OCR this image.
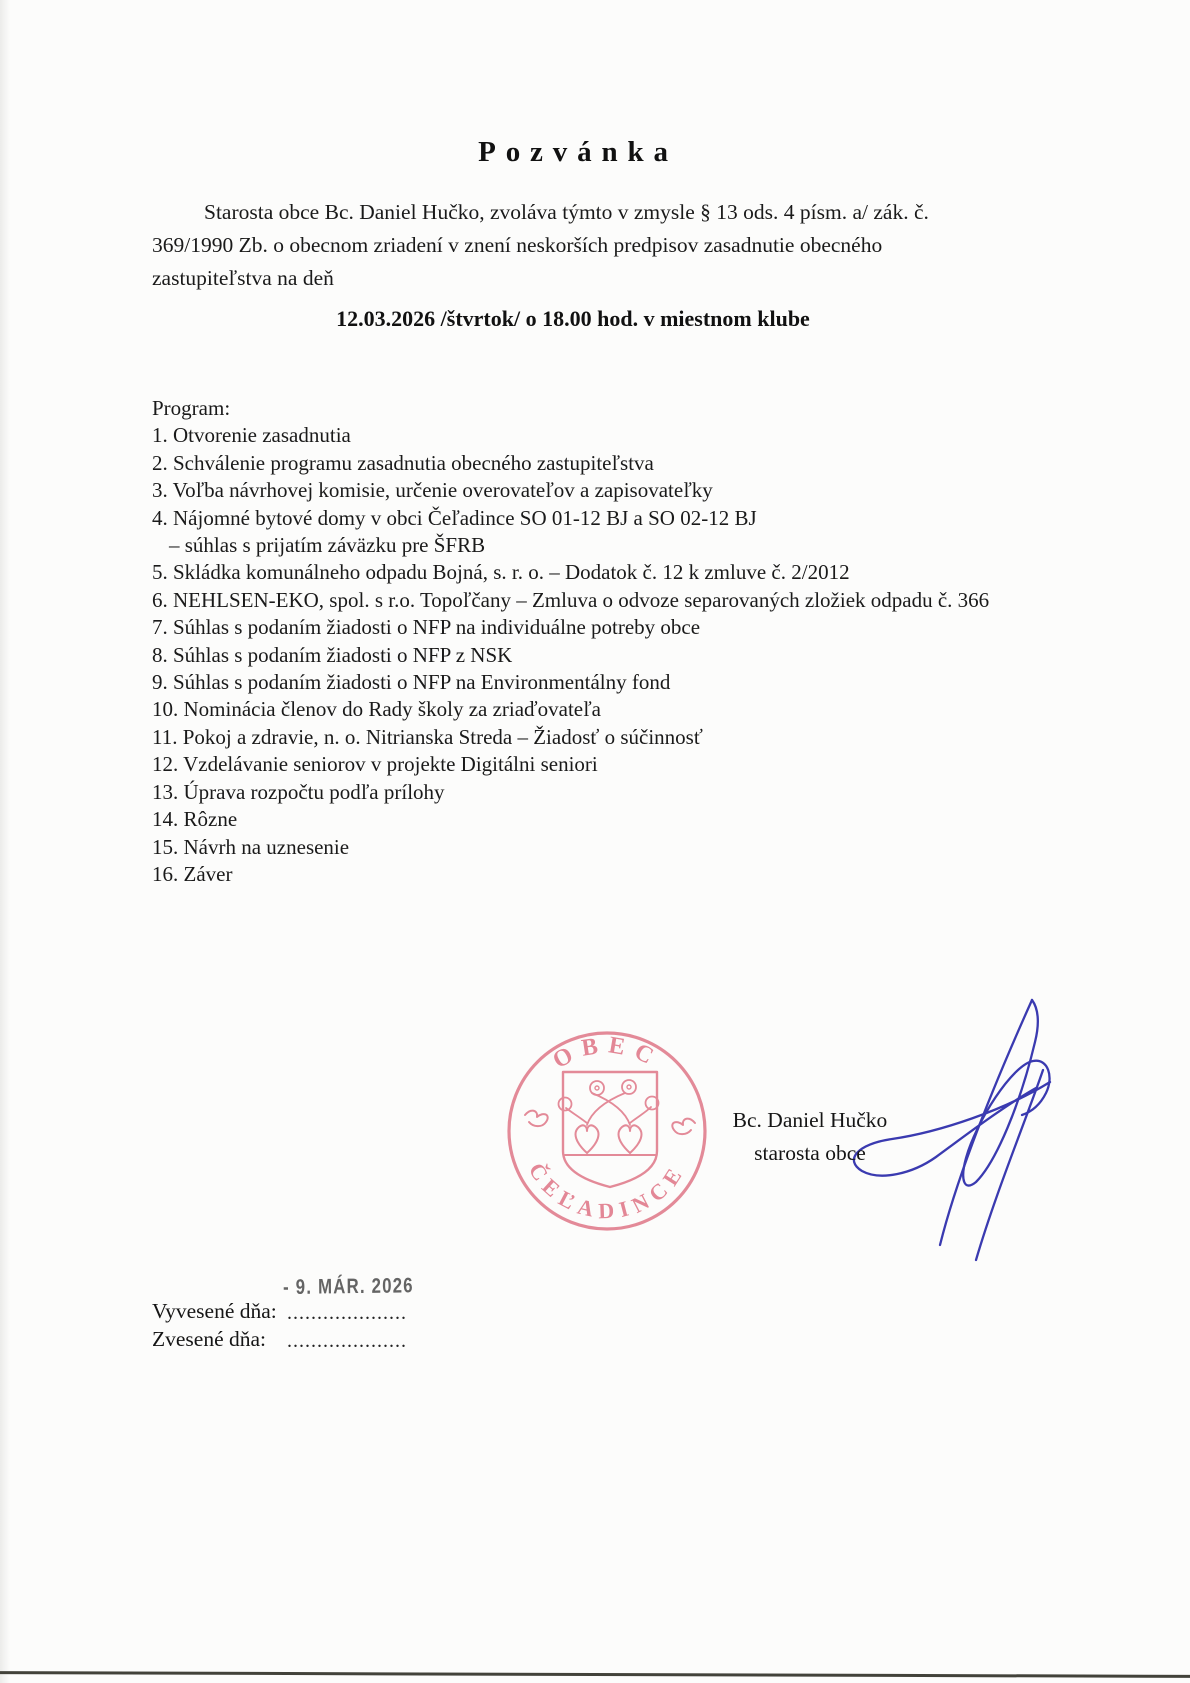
Pozvánka
Starosta obce Bc. Daniel Hučko, zvoláva týmto v zmysle § 13 ods. 4 písm. a/ zák. č.
369/1990 Zb. o obecnom zriadení v znení neskorších predpisov zasadnutie obecného
zastupiteľstva na deň
12.03.2026 /štvrtok/ o 18.00 hod. v miestnom klube
Program:
1. Otvorenie zasadnutia
2. Schválenie programu zasadnutia obecného zastupiteľstva
3. Voľba návrhovej komisie, určenie overovateľov a zapisovateľky
4. Nájomné bytové domy v obci Čeľadince SO 01-12 BJ a SO 02-12 BJ
– súhlas s prijatím záväzku pre ŠFRB
5. Skládka komunálneho odpadu Bojná, s. r. o. – Dodatok č. 12 k zmluve č. 2/2012
6. NEHLSEN-EKO, spol. s r.o. Topoľčany – Zmluva o odvoze separovaných zložiek odpadu č. 366
7. Súhlas s podaním žiadosti o NFP na individuálne potreby obce
8. Súhlas s podaním žiadosti o NFP z NSK
9. Súhlas s podaním žiadosti o NFP na Environmentálny fond
10. Nominácia členov do Rady školy za zriaďovateľa
11. Pokoj a zdravie, n. o. Nitrianska Streda – Žiadosť o súčinnosť
12. Vzdelávanie seniorov v projekte Digitálni seniori
13. Úprava rozpočtu podľa prílohy
14. Rôzne
15. Návrh na uznesenie
16. Záver
OBEC
ČEĽADINCE
Bc. Daniel Hučko
starosta obce
- 9. MÁR. 2026
Vyvesené dňa: ....................
Zvesené dňa:	....................
